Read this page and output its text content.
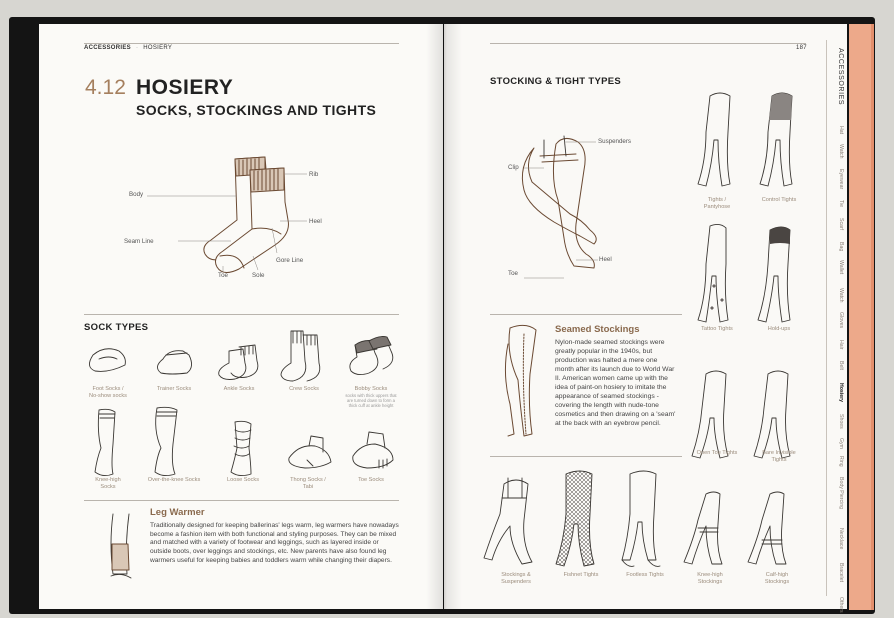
ACCESSORIES · HOSIERY
4.12 HOSIERY
SOCKS, STOCKINGS AND TIGHTS
Rib
Body
Heel
Seam Line
Gore Line
Toe	Sole
SOCK TYPES
Foot Socks /
No-show socks
Trainer Socks	Ankle Socks	Crew Socks	Bobby Socks
socks with thick uppers that
are turned down to form a
thick cuff at ankle height
Knee-high
Socks
Over-the-knee Socks	Loose Socks	Thong Socks /
Tabi
Toe Socks
Leg Warmer
Traditionally designed for keeping ballerinas' legs warm, leg warmers have nowadays become a fashion item with both functional and styling purposes. They can be mixed and matched with a variety of footwear and leggings, such as layered inside or outside boots, over leggings and stockings, etc. New parents have also found leg warmers useful for keeping babies and toddlers warm while changing their diapers.
187
STOCKING & TIGHT TYPES
Suspenders
Clip
Heel
Toe
Seamed Stockings
Nylon-made seamed stockings were greatly popular in the 1940s, but production was halted a mere one month after its launch due to World War II. American women came up with the idea of paint-on hosiery to imitate the appearance of seamed stockings - covering the length with nude-tone cosmetics and then drawing on a 'seam' at the back with an eyebrow pencil.
Tights /
Pantyhose
Control Tights
Tattoo Tights	Hold-ups
Open Toe Tights	Bare Invisible
Tights
Stockings &
Suspenders
Fishnet Tights	Footless Tights	Knee-high
Stockings
Calf-high
Stockings
ACCESSORIES
Hat
Watch
Eyewear
Tie
Scarf
Bag
Wallet
Watch
Gloves
Hair
Belt
Hosiery
Shoes
Gym
Ring
Body Piercing
Necklace
Bracelet
Others
